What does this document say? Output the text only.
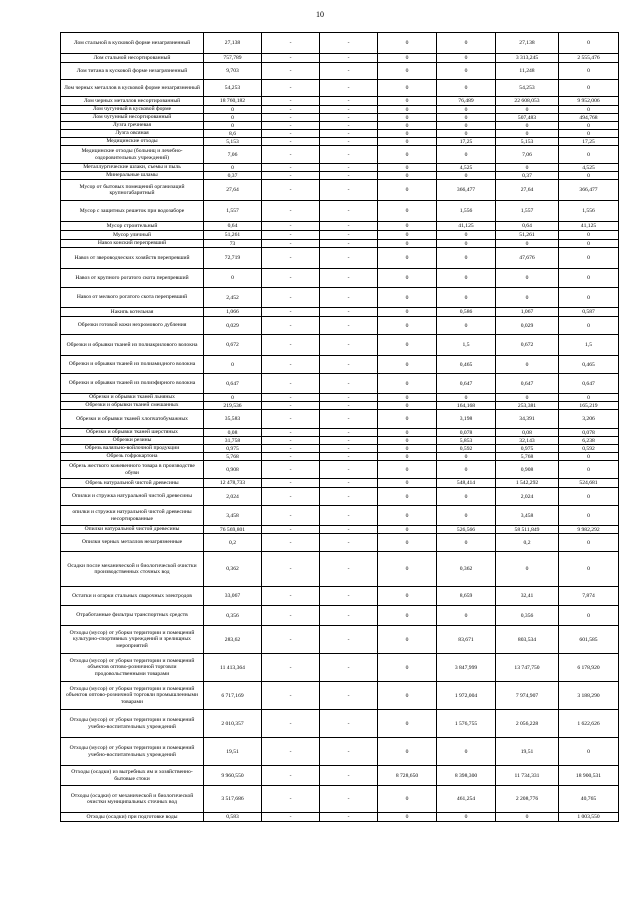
10
Лом стальной в кусковой форме незагрязненный	27,138	-	-	0	0	27,138	0
Лом стальной несортированный	757,789	-	-	0	0	3 313,245	2 555,476
Лом титана в кусковой форме незагрязненный	9,703	-	-	0	0	11,248	0
Лом черных металлов в кусковой форме незагрязненный	54,253	-	-	0	0	54,253	0
Лом черных металлов несортированный	18 760,182	-	-	0	76,489	22 608,053	9 952,006
Лом чугунный в кусковой форме	0	-	-	0	0	0	0
Лом чугунный несортированный	0	-	-	0	0	507,483	494,768
Лузга гречневая	0	-	-	0	0	0	0
Лузга овсяная	8,6	-	-	0	0	0	0
Медицинские отходы	5,153	-	-	0	17,25	5,153	17,25
Медицинские отходы (больниц и лечебно-оздоровительных учреждений)	7,06	-	-	0	0	7,06	0
Металлургические шлаки, съемы и пыль	0	-	-	0	4,525	0	4,525
Минеральные шламы	0,37	-	-	0	0	0,37	0
Мусор от бытовых помещений организаций крупногабаритный	27,64	-	-	0	366,477	27,64	366,477
Мусор с защитных решеток при водозаборе	1,557	-	-	0	1,556	1,557	1,556
Мусор строительный	0,64	-	-	0	41,125	0,64	41,125
Мусор уличный	51,261	-	-	0	0	51,261	0
Навоз конский перепревший	73	-	-	0	0	0	0
Навоз от звероводческих хозяйств перепревший	72,719	-	-	0	0	47,676	0
Навоз от крупного рогатого скота перепревший	0	-	-	0	0	0	0
Навоз от мелкого рогатого скота перепревший	2,452	-	-	0	0	0	0
Накипь котельная	1,066	-	-	0	0,586	1,067	0,587
Обрезки готовой кожи нехромового дубления	0,029	-	-	0	0	0,029	0
Обрезки и обрывки тканей из полиакрилового волокна	0,672	-	-	0	1,5	0,672	1,5
Обрезки и обрывки тканей из полиамидного волокна	0	-	-	0	0,465	0	0,465
Обрезки и обрывки тканей из полиэфирного волокна	0,647	-	-	0	0,647	0,647	0,647
Обрезки и обрывки тканей льняных	0	-	-	0	0	0	0
Обрезки и обрывки тканей смешанных	219,536	-	-	0	164,168	253,381	165,219
Обрезки и обрывки тканей хлопчатобумажных	35,583	-	-	0	3,198	34,391	3,206
Обрезки и обрывки тканей шерстяных	0,08	-	-	0	0,078	0,08	0,078
Обрезки резины	31,758	-	-	0	5,853	32,143	6,238
Обрезь валяльно-войлочной продукции	0,975	-	-	0	0,592	0,975	0,592
Обрезь гофрокартона	5,768	-	-	0	0	5,768	0
Обрезь жесткого кожевенного товара в производстве обуви	0,908	-	-	0	0	0,908	0
Обрезь натуральной чистой древесины	12 478,733	-	-	0	548,414	1 542,292	524,681
Опилки и стружка натуральной чистой древесины	2,024	-	-	0	0	2,024	0
опилки и стружки натуральной чистой древесины несортированные	3,458	-	-	0	0	3,458	0
Опилки натуральной чистой древесины	76 569,801	-	-	0	526,566	58 511,849	9 982,292
Опилки черных металлов незагрязненные	0,2	-	-	0	0	0,2	0
Осадки после механической и биологической очистки производственных сточных вод	0,362	-	-	0	0,362	0	0
Остатки и огарки стальных сварочных электродов	33,067	-	-	0	8,659	32,41	7,874
Отработанные фильтры транспортных средств	0,356	-	-	0	0	0,356	0
Отходы (мусор) от уборки территории и помещений культурно-спортивных учреждений и зрелищных мероприятий	283,62	-	-	0	83,671	803,534	601,585
Отходы (мусор) от уборки территории и помещений объектов оптово-розничной торговли продовольственными товарами	11 413,364	-	-	0	3 847,999	13 747,750	6 178,920
Отходы (мусор) от уборки территории и помещений объектов оптово-розничной торговли промышленными товарами	6 717,169	-	-	0	1 972,004	7 974,907	3 188,290
Отходы (мусор) от уборки территории и помещений учебно-воспитательных учреждений	2 010,357	-	-	0	1 576,755	2 056,228	1 622,626
Отходы (мусор) от уборки территории и помещений учебно-воспитательных учреждений	19,51	-	-	0	0	19,51	0
Отходы (осадки) из выгребных ям и хозяйственно-бытовые стоки	9 960,550	-	-	8 728,650	8 398,300	11 734,331	18 900,531
Отходы (осадки) от механической и биологической очистки муниципальных сточных вод	3 517,686	-	-	0	461,254	2 208,776	40,765
Отходы (осадки) при подготовке воды	0,583	-	-	0	0	0	1 003,550
